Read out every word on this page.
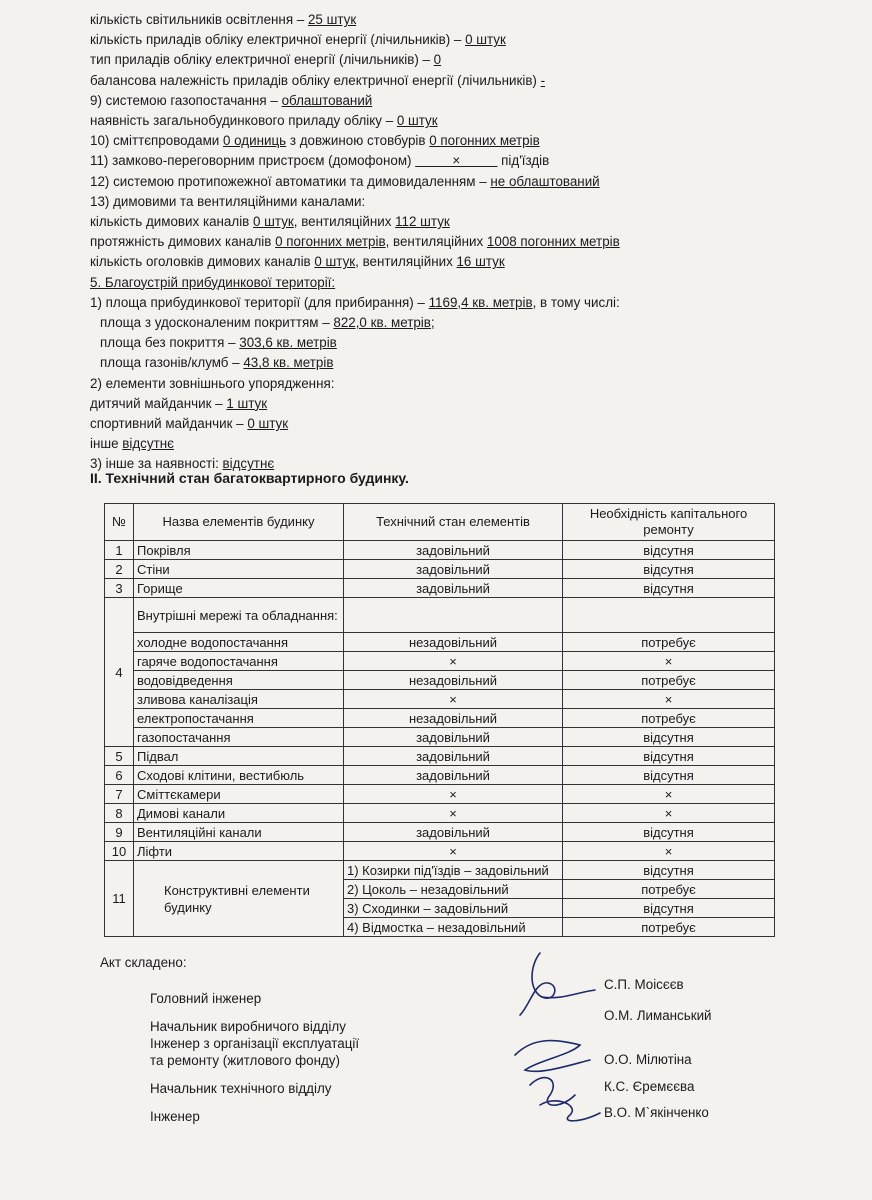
кількість світильників освітлення – 25 штук
кількість приладів обліку електричної енергії (лічильників) – 0 штук
тип приладів обліку електричної енергії (лічильників) – 0
балансова належність приладів обліку електричної енергії (лічильників) -
9) системою газопостачання – облаштований
наявність загальнобудинкового приладу обліку – 0 штук
10) сміттєпроводами 0 одиниць з довжиною стовбурів 0 погонних метрів
11) замково-переговорним пристроєм (домофоном)           ×           під'їздів
12) системою протипожежної автоматики та димовидаленням – не облаштований
13) димовими та вентиляційними каналами:
кількість димових каналів 0 штук, вентиляційних 112 штук
протяжність димових каналів 0 погонних метрів, вентиляційних 1008 погонних метрів
кількість оголовків димових каналів 0 штук, вентиляційних 16 штук
5. Благоустрій прибудинкової території:
1) площа прибудинкової території (для прибирання) – 1169,4 кв. метрів, в тому числі:
площа з удосконаленим покриттям – 822,0 кв. метрів;
площа без покриття – 303,6 кв. метрів
площа газонів/клумб – 43,8 кв. метрів
2) елементи зовнішнього упорядження:
дитячий майданчик – 1 штук
спортивний майданчик – 0 штук
інше відсутнє
3) інше за наявності: відсутнє
II. Технічний стан багатоквартирного будинку.
№	Назва елементів будинку	Технічний стан елементів	Необхідність капітального ремонту
1	Покрівля	задовільний	відсутня
2	Стіни	задовільний	відсутня
3	Горище	задовільний	відсутня
4	Внутрішні мережі та обладнання:		
	холодне водопостачання	незадовільний	потребує
	гаряче водопостачання	×	×
	водовідведення	незадовільний	потребує
	зливова каналізація	×	×
	електропостачання	незадовільний	потребує
	газопостачання	задовільний	відсутня
5	Підвал	задовільний	відсутня
6	Сходові клітини, вестибюль	задовільний	відсутня
7	Сміттєкамери	×	×
8	Димові канали	×	×
9	Вентиляційні канали	задовільний	відсутня
10	Ліфти	×	×
11	Конструктивні елементи будинку	1) Козирки під'їздів – задовільний	відсутня
		2) Цоколь – незадовільний	потребує
		3) Сходинки – задовільний	відсутня
		4) Відмостка – незадовільний	потребує
Акт складено:
Головний інженер
Начальник виробничого відділу
Інженер з організації експлуатації
та ремонту (житлового фонду)
Начальник технічного відділу
Інженер
С.П. Моісєєв
О.М. Лиманський
О.О. Мілютіна
К.С. Єремєєва
В.О. М`якінченко
